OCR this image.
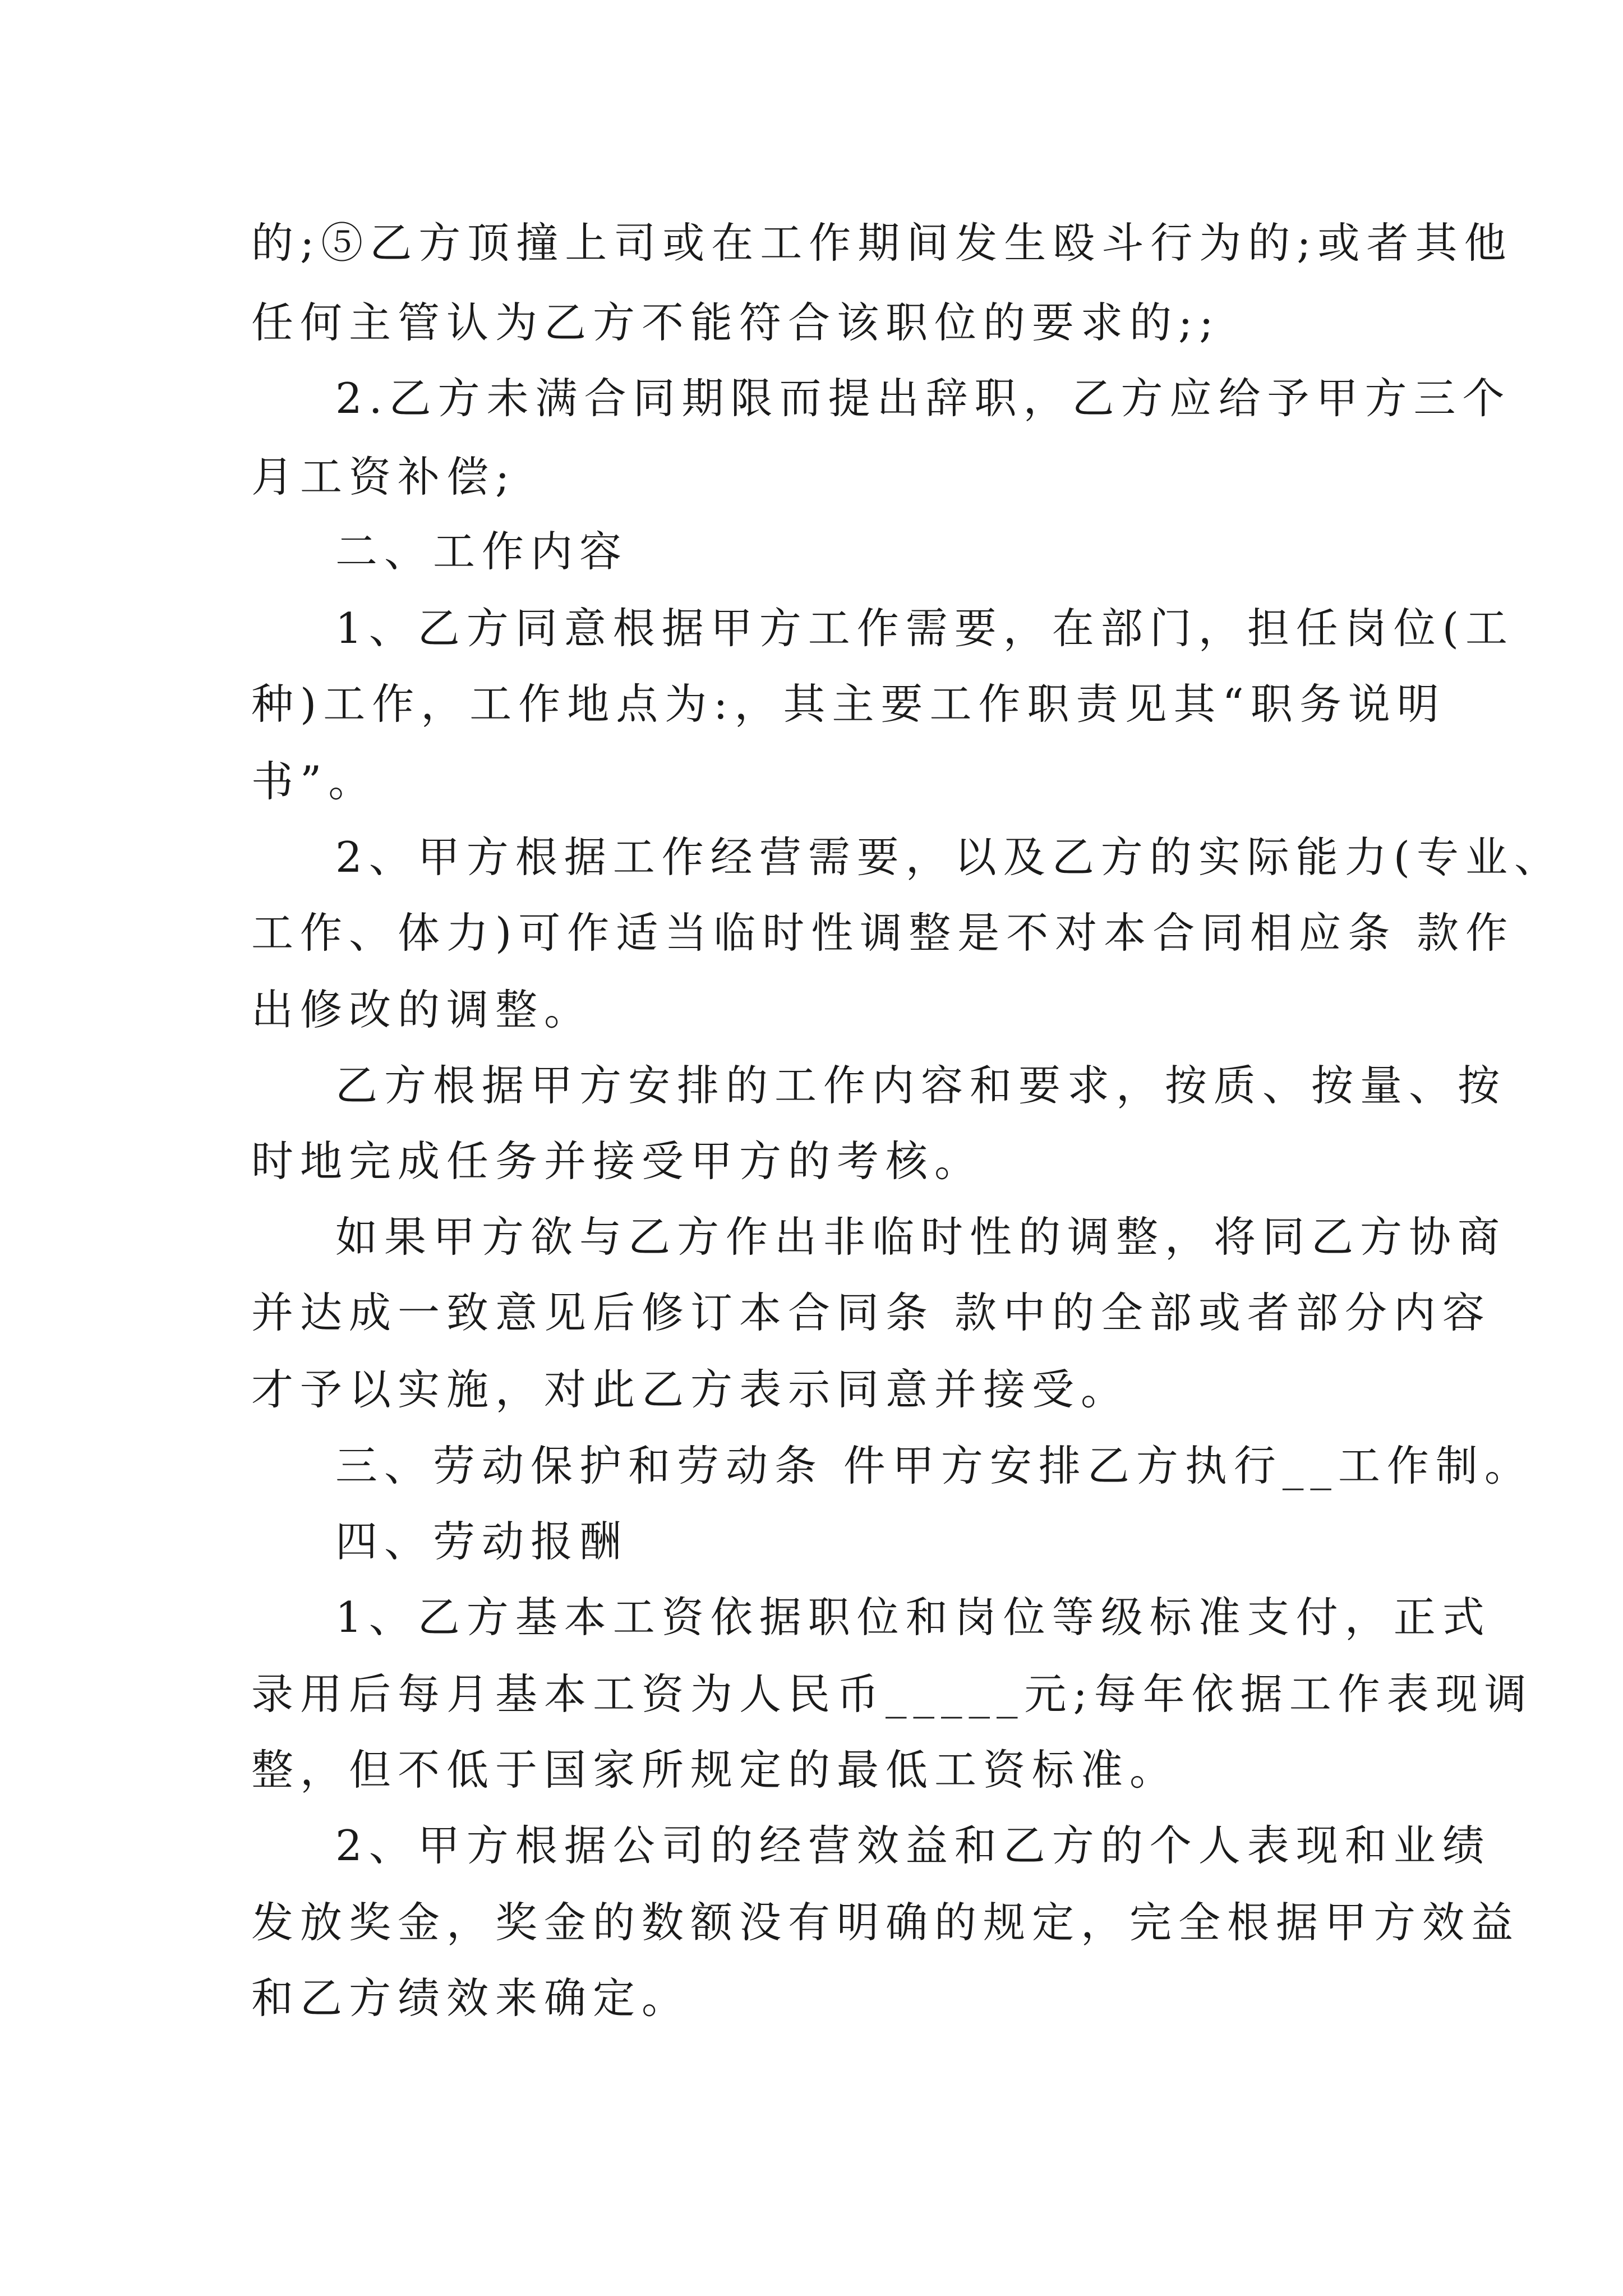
的;⑤乙方顶撞上司或在工作期间发生殴斗行为的;或者其他
任何主管认为乙方不能符合该职位的要求的;;
2.乙方未满合同期限而提出辞职，乙方应给予甲方三个
月工资补偿;
二、工作内容
1、乙方同意根据甲方工作需要，在部门，担任岗位(工
种)工作，工作地点为:，其主要工作职责见其“职务说明
书”。
2、甲方根据工作经营需要，以及乙方的实际能力(专业、
工作、体力)可作适当临时性调整是不对本合同相应条 款作
出修改的调整。
乙方根据甲方安排的工作内容和要求，按质、按量、按
时地完成任务并接受甲方的考核。
如果甲方欲与乙方作出非临时性的调整，将同乙方协商
并达成一致意见后修订本合同条 款中的全部或者部分内容
才予以实施，对此乙方表示同意并接受。
三、劳动保护和劳动条 件甲方安排乙方执行__工作制。
四、劳动报酬
1、乙方基本工资依据职位和岗位等级标准支付，正式
录用后每月基本工资为人民币_____元;每年依据工作表现调
整，但不低于国家所规定的最低工资标准。
2、甲方根据公司的经营效益和乙方的个人表现和业绩
发放奖金，奖金的数额没有明确的规定，完全根据甲方效益
和乙方绩效来确定。
